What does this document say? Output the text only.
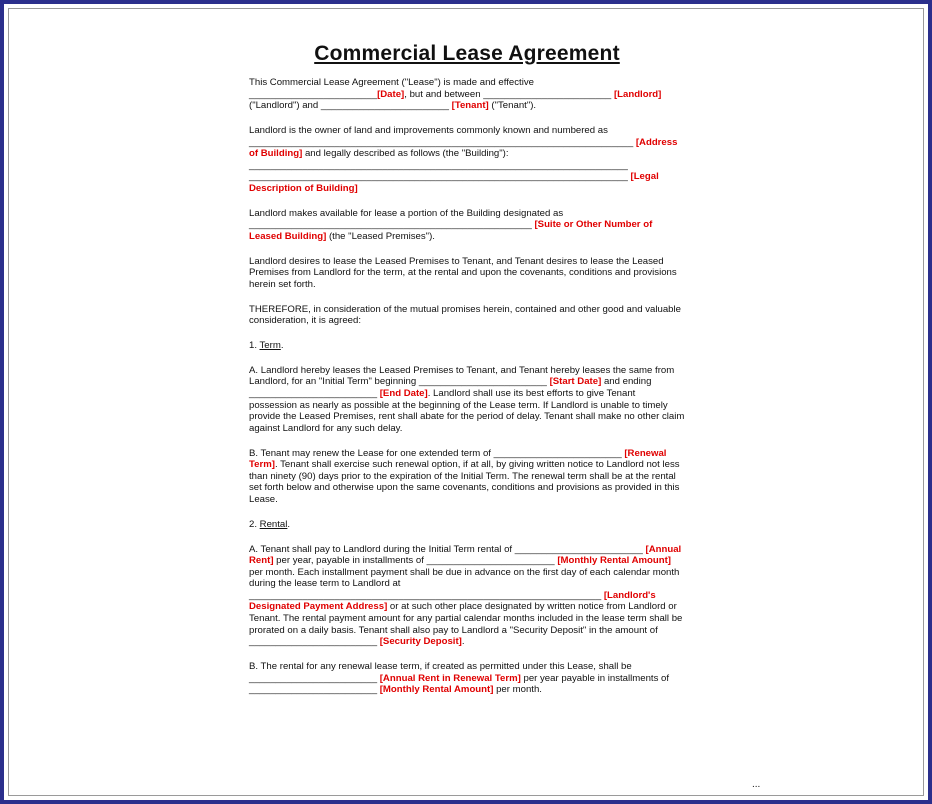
Commercial Lease Agreement
This Commercial Lease Agreement ("Lease") is made and effective ________________________[Date], but and between ________________________ [Landlord] ("Landlord") and ________________________ [Tenant] ("Tenant").
Landlord is the owner of land and improvements commonly known and numbered as ________________________________________________________________________ [Address of Building] and legally described as follows (the "Building"): _______________________________________________________________________ _______________________________________________________________________ [Legal Description of Building]
Landlord makes available for lease a portion of the Building designated as _____________________________________________________ [Suite or Other Number of Leased Building] (the "Leased Premises").
Landlord desires to lease the Leased Premises to Tenant, and Tenant desires to lease the Leased Premises from Landlord for the term, at the rental and upon the covenants, conditions and provisions herein set forth.
THEREFORE, in consideration of the mutual promises herein, contained and other good and valuable consideration, it is agreed:
1. Term.
A. Landlord hereby leases the Leased Premises to Tenant, and Tenant hereby leases the same from Landlord, for an "Initial Term" beginning ________________________ [Start Date] and ending ________________________ [End Date]. Landlord shall use its best efforts to give Tenant possession as nearly as possible at the beginning of the Lease term. If Landlord is unable to timely provide the Leased Premises, rent shall abate for the period of delay. Tenant shall make no other claim against Landlord for any such delay.
B. Tenant may renew the Lease for one extended term of ________________________ [Renewal Term]. Tenant shall exercise such renewal option, if at all, by giving written notice to Landlord not less than ninety (90) days prior to the expiration of the Initial Term. The renewal term shall be at the rental set forth below and otherwise upon the same covenants, conditions and provisions as provided in this Lease.
2. Rental.
A. Tenant shall pay to Landlord during the Initial Term rental of ________________________ [Annual Rent] per year, payable in installments of ________________________ [Monthly Rental Amount] per month. Each installment payment shall be due in advance on the first day of each calendar month during the lease term to Landlord at __________________________________________________________________ [Landlord's Designated Payment Address] or at such other place designated by written notice from Landlord or Tenant. The rental payment amount for any partial calendar months included in the lease term shall be prorated on a daily basis. Tenant shall also pay to Landlord a "Security Deposit" in the amount of ________________________ [Security Deposit].
B. The rental for any renewal lease term, if created as permitted under this Lease, shall be ________________________ [Annual Rent in Renewal Term] per year payable in installments of ________________________ [Monthly Rental Amount] per month.
...
